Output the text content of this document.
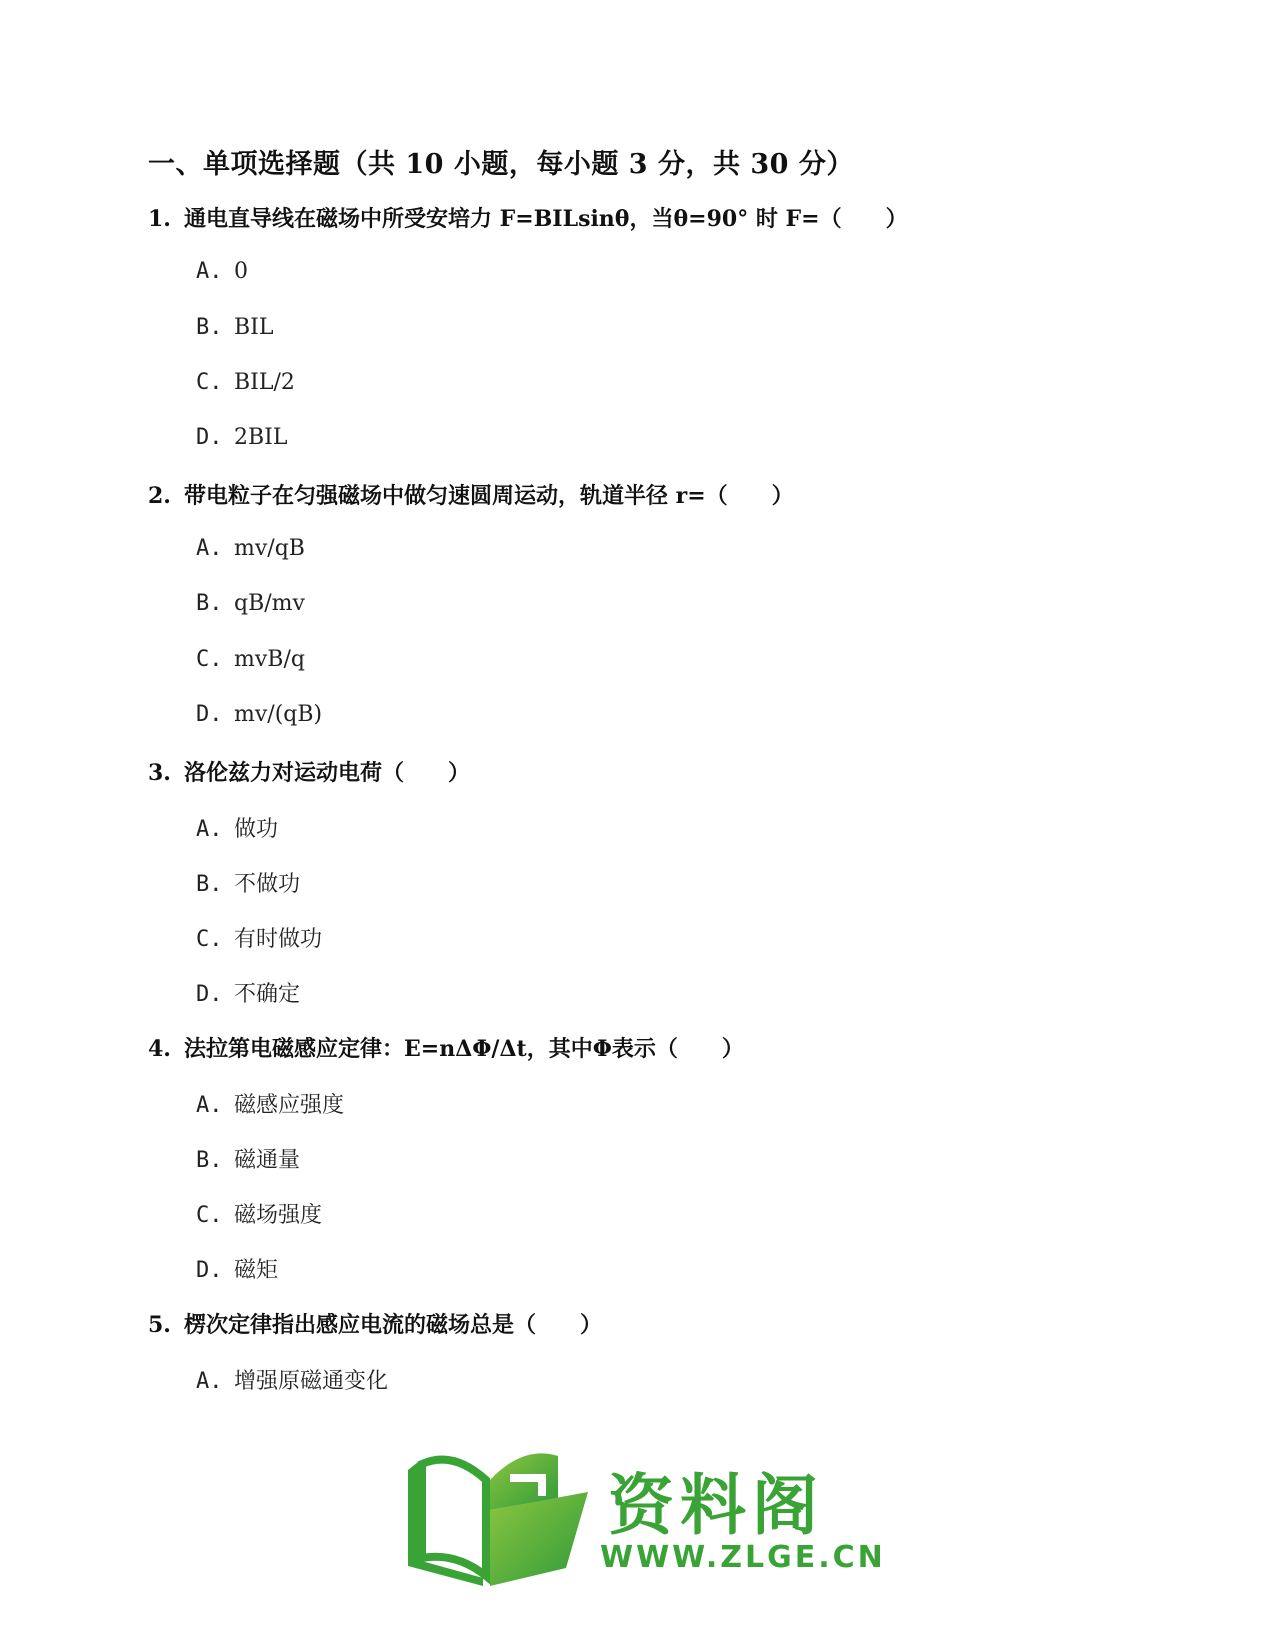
一、单项选择题（共 10 小题，每小题 3 分，共 30 分）
1. 通电直导线在磁场中所受安培力 F=BILsinθ，当θ=90° 时 F=（　　）
A. 0
B. BIL
C. BIL/2
D. 2BIL
2. 带电粒子在匀强磁场中做匀速圆周运动，轨道半径 r=（　　）
A. mv/qB
B. qB/mv
C. mvB/q
D. mv/(qB)
3. 洛伦兹力对运动电荷（　　）
A. 做功
B. 不做功
C. 有时做功
D. 不确定
4. 法拉第电磁感应定律：E=nΔΦ/Δt，其中Φ表示（　　）
A. 磁感应强度
B. 磁通量
C. 磁场强度
D. 磁矩
5. 楞次定律指出感应电流的磁场总是（　　）
A. 增强原磁通变化
资料阁
WWW.ZLGE.CN
